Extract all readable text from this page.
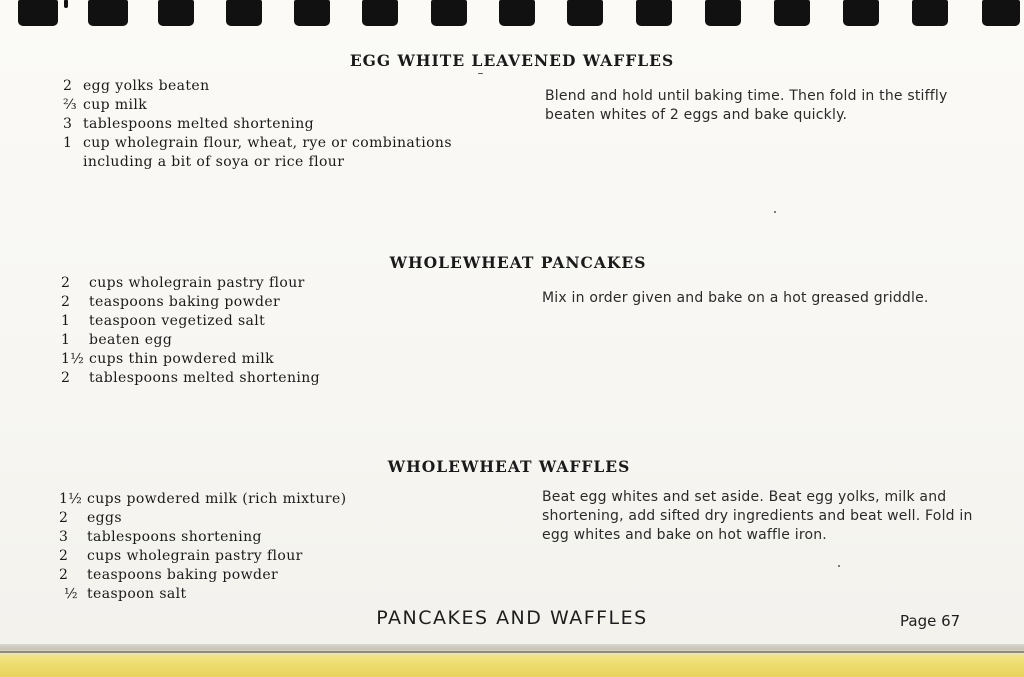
EGG WHITE LEAVENED WAFFLES
2 egg yolks beaten
⅔ cup milk
3 tablespoons melted shortening
1 cup wholegrain flour, wheat, rye or combinations
including a bit of soya or rice flour

Blend and hold until baking time. Then fold in the stiffly beaten whites of 2 eggs and bake quickly.

WHOLEWHEAT PANCAKES
2 cups wholegrain pastry flour
2 teaspoons baking powder
1 teaspoon vegetized salt
1 beaten egg
1½ cups thin powdered milk
2 tablespoons melted shortening

Mix in order given and bake on a hot greased griddle.

WHOLEWHEAT WAFFLES
1½ cups powdered milk (rich mixture)
2 eggs
3 tablespoons shortening
2 cups wholegrain pastry flour
2 teaspoons baking powder
½ teaspoon salt

Beat egg whites and set aside. Beat egg yolks, milk and shortening, add sifted dry ingredients and beat well. Fold in egg whites and bake on hot waffle iron.

PANCAKES AND WAFFLES	Page 67
